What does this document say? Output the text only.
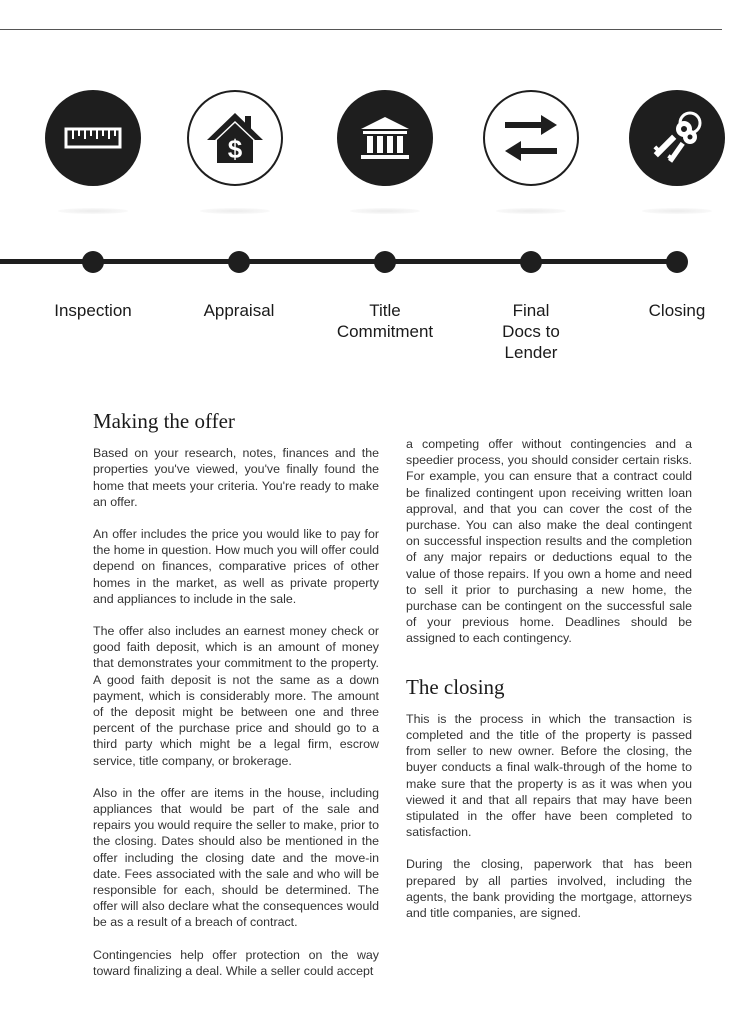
$
Inspection	Appraisal	Title
Commitment
Final
Docs to
Lender
Closing
Making the offer

Based on your research, notes, finances and the properties you've viewed, you've finally found the home that meets your criteria. You're ready to make an offer.

An offer includes the price you would like to pay for the home in question. How much you will offer could depend on finances, comparative prices of other homes in the market, as well as private property and appliances to include in the sale.

The offer also includes an earnest money check or good faith deposit, which is an amount of money that demonstrates your commitment to the property. A good faith deposit is not the same as a down payment, which is considerably more. The amount of the deposit might be between one and three percent of the purchase price and should go to a third party which might be a legal firm, escrow service, title company, or brokerage.

Also in the offer are items in the house, including appliances that would be part of the sale and repairs you would require the seller to make, prior to the closing. Dates should also be mentioned in the offer including the closing date and the move-in date. Fees associated with the sale and who will be responsible for each, should be determined. The offer will also declare what the consequences would be as a result of a breach of contract.

Contingencies help offer protection on the way toward finalizing a deal. While a seller could accept

a competing offer without contingencies and a speedier process, you should consider certain risks. For example, you can ensure that a contract could be finalized contingent upon receiving written loan approval, and that you can cover the cost of the purchase. You can also make the deal contingent on successful inspection results and the completion of any major repairs or deductions equal to the value of those repairs. If you own a home and need to sell it prior to purchasing a new home, the purchase can be contingent on the successful sale of your previous home. Deadlines should be assigned to each contingency.

The closing

This is the process in which the transaction is completed and the title of the property is passed from seller to new owner. Before the closing, the buyer conducts a final walk-through of the home to make sure that the property is as it was when you viewed it and that all repairs that may have been stipulated in the offer have been completed to satisfaction.

During the closing, paperwork that has been prepared by all parties involved, including the agents, the bank providing the mortgage, attorneys and title companies, are signed.
